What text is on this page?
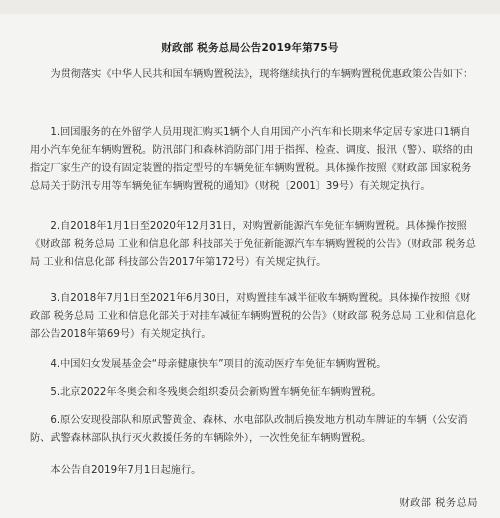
财政部 税务总局公告2019年第75号

为贯彻落实《中华人民共和国车辆购置税法》，现将继续执行的车辆购置税优惠政策公告如下：

1.回国服务的在外留学人员用现汇购买1辆个人自用国产小汽车和长期来华定居专家进口1辆自用小汽车免征车辆购置税。防汛部门和森林消防部门用于指挥、检查、调度、报汛（警）、联络的由指定厂家生产的设有固定装置的指定型号的车辆免征车辆购置税。具体操作按照《财政部 国家税务总局关于防汛专用等车辆免征车辆购置税的通知》（财税〔2001〕39号）有关规定执行。

2.自2018年1月1日至2020年12月31日，对购置新能源汽车免征车辆购置税。具体操作按照《财政部 税务总局 工业和信息化部 科技部关于免征新能源汽车车辆购置税的公告》（财政部 税务总局 工业和信息化部 科技部公告2017年第172号）有关规定执行。

3.自2018年7月1日至2021年6月30日，对购置挂车减半征收车辆购置税。具体操作按照《财政部 税务总局 工业和信息化部关于对挂车减征车辆购置税的公告》（财政部 税务总局 工业和信息化部公告2018年第69号）有关规定执行。

4.中国妇女发展基金会“母亲健康快车”项目的流动医疗车免征车辆购置税。

5.北京2022年冬奥会和冬残奥会组织委员会新购置车辆免征车辆购置税。

6.原公安现役部队和原武警黄金、森林、水电部队改制后换发地方机动车牌证的车辆（公安消防、武警森林部队执行灭火救援任务的车辆除外），一次性免征车辆购置税。

本公告自2019年7月1日起施行。

财政部 税务总局
